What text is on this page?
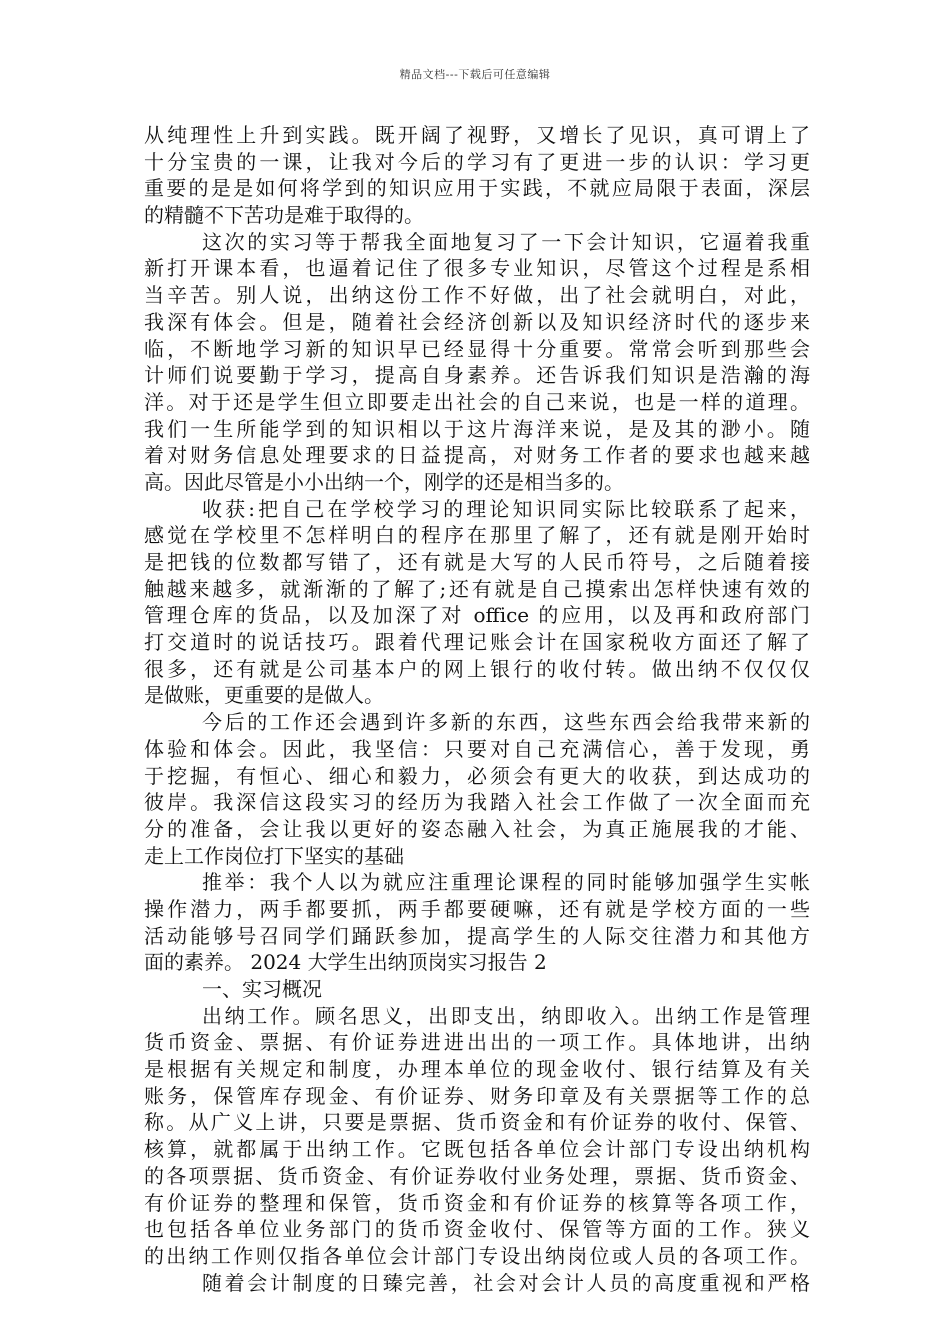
精品文档---下载后可任意编辑
从纯理性上升到实践。既开阔了视野，又增长了见识，真可谓上了
十分宝贵的一课，让我对今后的学习有了更进一步的认识：学习更
重要的是是如何将学到的知识应用于实践，不就应局限于表面，深层
的精髓不下苦功是难于取得的。
这次的实习等于帮我全面地复习了一下会计知识，它逼着我重
新打开课本看，也逼着记住了很多专业知识，尽管这个过程是系相
当辛苦。别人说，出纳这份工作不好做，出了社会就明白，对此，
我深有体会。但是，随着社会经济创新以及知识经济时代的逐步来
临，不断地学习新的知识早已经显得十分重要。常常会听到那些会
计师们说要勤于学习，提高自身素养。还告诉我们知识是浩瀚的海
洋。对于还是学生但立即要走出社会的自己来说，也是一样的道理。
我们一生所能学到的知识相以于这片海洋来说，是及其的渺小。随
着对财务信息处理要求的日益提高，对财务工作者的要求也越来越
高。因此尽管是小小出纳一个，刚学的还是相当多的。
收获:把自己在学校学习的理论知识同实际比较联系了起来，
感觉在学校里不怎样明白的程序在那里了解了，还有就是刚开始时
是把钱的位数都写错了，还有就是大写的人民币符号，之后随着接
触越来越多，就渐渐的了解了;还有就是自己摸索出怎样快速有效的
管理仓库的货品，以及加深了对 office 的应用，以及再和政府部门
打交道时的说话技巧。跟着代理记账会计在国家税收方面还了解了
很多，还有就是公司基本户的网上银行的收付转。做出纳不仅仅仅
是做账，更重要的是做人。
今后的工作还会遇到许多新的东西，这些东西会给我带来新的
体验和体会。因此，我坚信：只要对自己充满信心，善于发现，勇
于挖掘，有恒心、细心和毅力，必须会有更大的收获，到达成功的
彼岸。我深信这段实习的经历为我踏入社会工作做了一次全面而充
分的准备，会让我以更好的姿态融入社会，为真正施展我的才能、
走上工作岗位打下坚实的基础
推举：我个人以为就应注重理论课程的同时能够加强学生实帐
操作潜力，两手都要抓，两手都要硬嘛，还有就是学校方面的一些
活动能够号召同学们踊跃参加，提高学生的人际交往潜力和其他方
面的素养。 2024 大学生出纳顶岗实习报告 2
一、实习概况
出纳工作。顾名思义，出即支出，纳即收入。出纳工作是管理
货币资金、票据、有价证券进进出出的一项工作。具体地讲，出纳
是根据有关规定和制度，办理本单位的现金收付、银行结算及有关
账务，保管库存现金、有价证券、财务印章及有关票据等工作的总
称。从广义上讲，只要是票据、货币资金和有价证券的收付、保管、
核算，就都属于出纳工作。它既包括各单位会计部门专设出纳机构
的各项票据、货币资金、有价证券收付业务处理，票据、货币资金、
有价证券的整理和保管，货币资金和有价证券的核算等各项工作，
也包括各单位业务部门的货币资金收付、保管等方面的工作。狭义
的出纳工作则仅指各单位会计部门专设出纳岗位或人员的各项工作。
随着会计制度的日臻完善，社会对会计人员的高度重视和严格
